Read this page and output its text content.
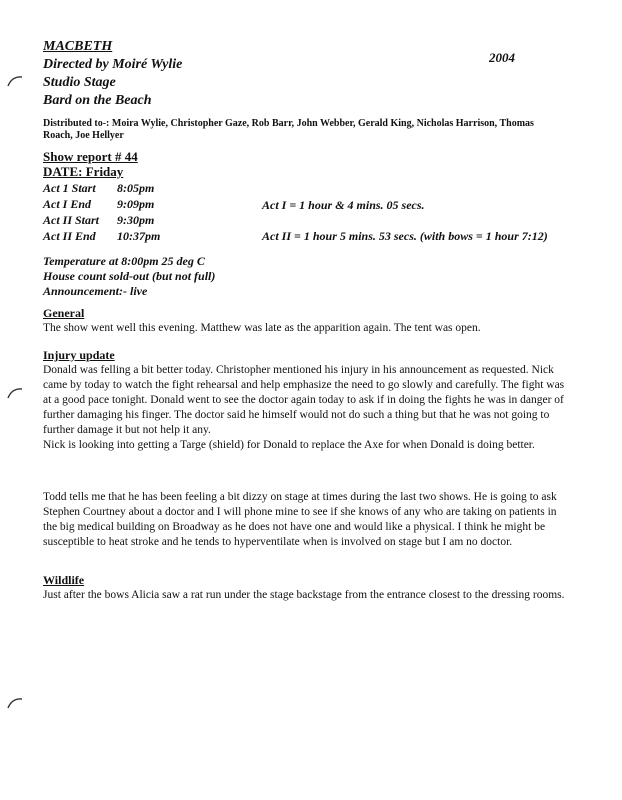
MACBETH
Directed by Moiré Wylie
Studio Stage
Bard on the Beach
2004
Distributed to-: Moira Wylie, Christopher Gaze, Rob Barr, John Webber, Gerald King, Nicholas Harrison, Thomas Roach, Joe Hellyer
Show report # 44
DATE: Friday
Act 1 Start 8:05pm
Act I End 9:09pm
Act II Start 9:30pm
Act II End 10:37pm
Act I = 1 hour & 4 mins. 05 secs.
Act II = 1 hour 5 mins. 53 secs. (with bows = 1 hour 7:12)
Temperature at 8:00pm 25 deg C
House count sold-out (but not full)
Announcement:- live
General
The show went well this evening. Matthew was late as the apparition again. The tent was open.
Injury update
Donald was felling a bit better today. Christopher mentioned his injury in his announcement as requested. Nick came by today to watch the fight rehearsal and help emphasize the need to go slowly and carefully. The fight was at a good pace tonight. Donald went to see the doctor again today to ask if in doing the fights he was in danger of further damaging his finger. The doctor said he himself would not do such a thing but that he was not going to further damage it but not help it any.
Nick is looking into getting a Targe (shield) for Donald to replace the Axe for when Donald is doing better.
Todd tells me that he has been feeling a bit dizzy on stage at times during the last two shows. He is going to ask Stephen Courtney about a doctor and I will phone mine to see if she knows of any who are taking on patients in the big medical building on Broadway as he does not have one and would like a physical. I think he might be susceptible to heat stroke and he tends to hyperventilate when is involved on stage but I am no doctor.
Wildlife
Just after the bows Alicia saw a rat run under the stage backstage from the entrance closest to the dressing rooms.
